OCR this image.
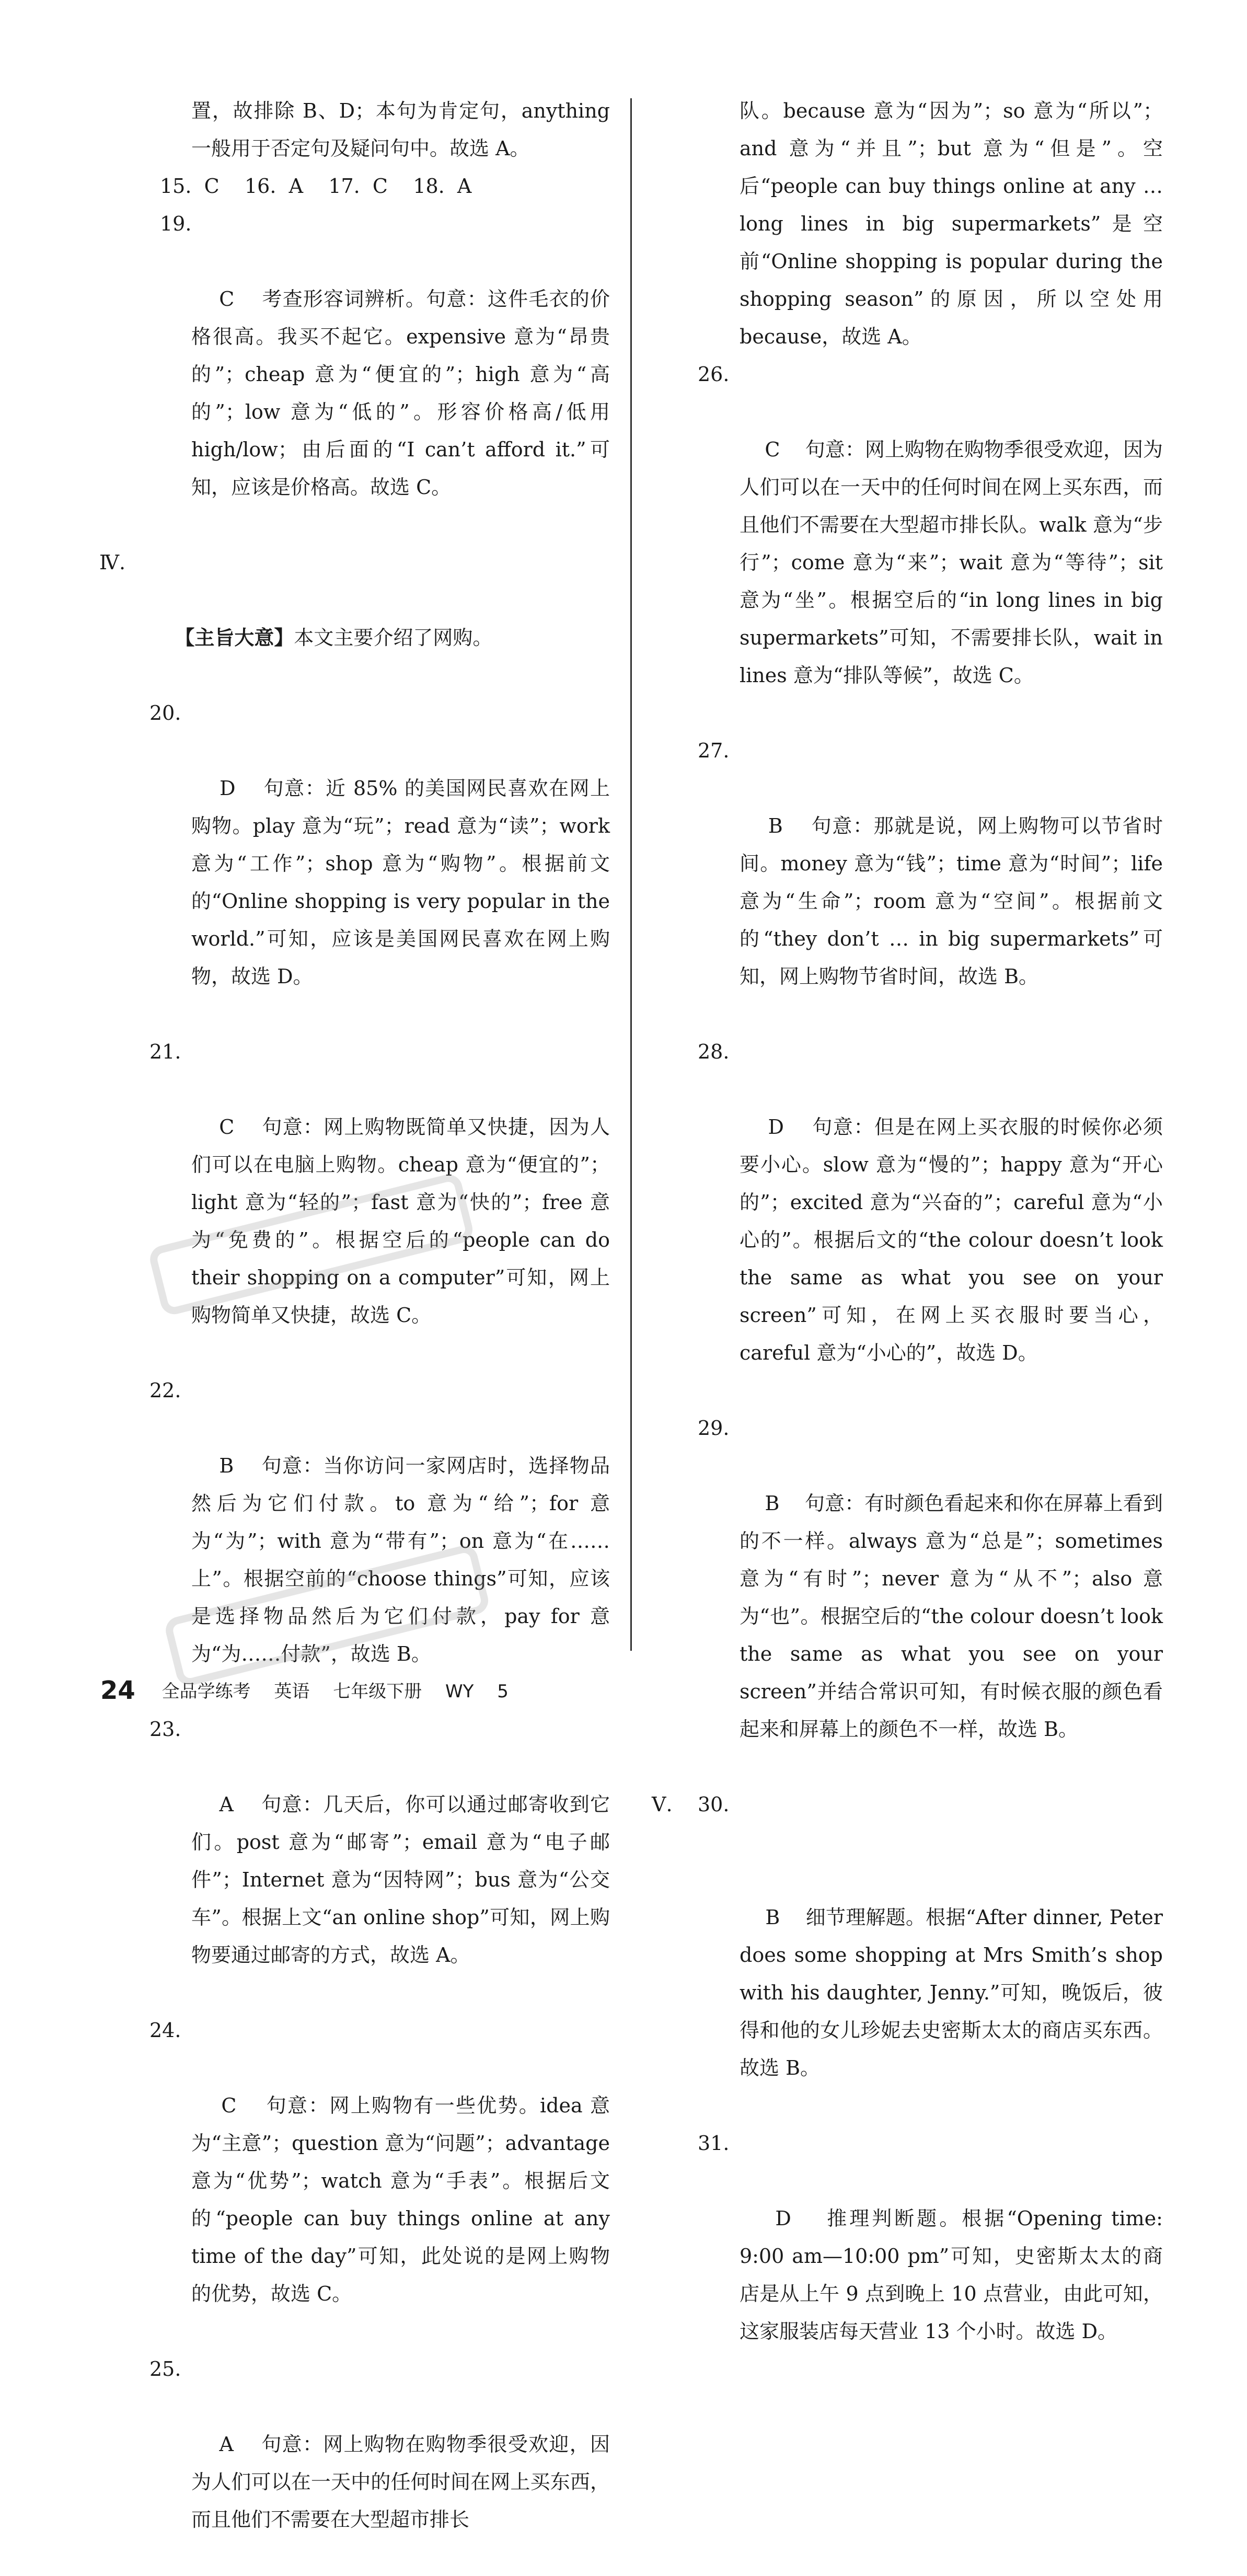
置，故排除 B、D；本句为肯定句，anything 一般用于否定句及疑问句中。故选 A。
15.  C    16.  A    17.  C    18.  A

19.

C    考查形容词辨析。句意：这件毛衣的价格很高。我买不起它。expensive 意为“昂贵的”；cheap 意为“便宜的”；high 意为“高的”；low 意为“低的”。形容价格高/低用 high/low；由后面的“I can’t afford it.”可知，应该是价格高。故选 C。

Ⅳ.

【主旨大意】本文主要介绍了网购。

20.

D    句意：近 85% 的美国网民喜欢在网上购物。play 意为“玩”；read 意为“读”；work 意为“工作”；shop 意为“购物”。根据前文的“Online shopping is very popular in the world.”可知，应该是美国网民喜欢在网上购物，故选 D。

21.

C    句意：网上购物既简单又快捷，因为人们可以在电脑上购物。cheap 意为“便宜的”；light 意为“轻的”；fast 意为“快的”；free 意为“免费的”。根据空后的“people can do their shopping on a computer”可知，网上购物简单又快捷，故选 C。

22.

B    句意：当你访问一家网店时，选择物品然后为它们付款。to 意为“给”；for 意为“为”；with 意为“带有”；on 意为“在……上”。根据空前的“choose things”可知，应该是选择物品然后为它们付款，pay for 意为“为……付款”，故选 B。

23.

A    句意：几天后，你可以通过邮寄收到它们。post 意为“邮寄”；email 意为“电子邮件”；Internet 意为“因特网”；bus 意为“公交车”。根据上文“an online shop”可知，网上购物要通过邮寄的方式，故选 A。

24.

C    句意：网上购物有一些优势。idea 意为“主意”；question 意为“问题”；advantage 意为“优势”；watch 意为“手表”。根据后文的“people can buy things online at any time of the day”可知，此处说的是网上购物的优势，故选 C。

25.

A    句意：网上购物在购物季很受欢迎，因为人们可以在一天中的任何时间在网上买东西，而且他们不需要在大型超市排长

队。because 意为“因为”；so 意为“所以”；and 意为“并且”；but 意为“但是”。空后“people can buy things online at any … long lines in big supermarkets”是空前“Online shopping is popular during the shopping season”的原因，所以空处用 because，故选 A。

26.

C    句意：网上购物在购物季很受欢迎，因为人们可以在一天中的任何时间在网上买东西，而且他们不需要在大型超市排长队。walk 意为“步行”；come 意为“来”；wait 意为“等待”；sit 意为“坐”。根据空后的“in long lines in big supermarkets”可知，不需要排长队，wait in lines 意为“排队等候”，故选 C。

27.

B    句意：那就是说，网上购物可以节省时间。money 意为“钱”；time 意为“时间”；life 意为“生命”；room 意为“空间”。根据前文的“they don’t … in big supermarkets”可知，网上购物节省时间，故选 B。

28.

D    句意：但是在网上买衣服的时候你必须要小心。slow 意为“慢的”；happy 意为“开心的”；excited 意为“兴奋的”；careful 意为“小心的”。根据后文的“the colour doesn’t look the same as what you see on your screen”可知，在网上买衣服时要当心，careful 意为“小心的”，故选 D。

29.

B    句意：有时颜色看起来和你在屏幕上看到的不一样。always 意为“总是”；sometimes 意为“有时”；never 意为“从不”；also 意为“也”。根据空后的“the colour doesn’t look the same as what you see on your screen”并结合常识可知，有时候衣服的颜色看起来和屏幕上的颜色不一样，故选 B。

Ⅴ.

30.

B    细节理解题。根据“After dinner, Peter does some shopping at Mrs Smith’s shop with his daughter, Jenny.”可知，晚饭后，彼得和他的女儿珍妮去史密斯太太的商店买东西。故选 B。

31.

D    推理判断题。根据“Opening time: 9:00 am—10:00 pm”可知，史密斯太太的商店是从上午 9 点到晚上 10 点营业，由此可知，这家服装店每天营业 13 个小时。故选 D。

24 全品学练考 英语 七年级下册 WY 5
